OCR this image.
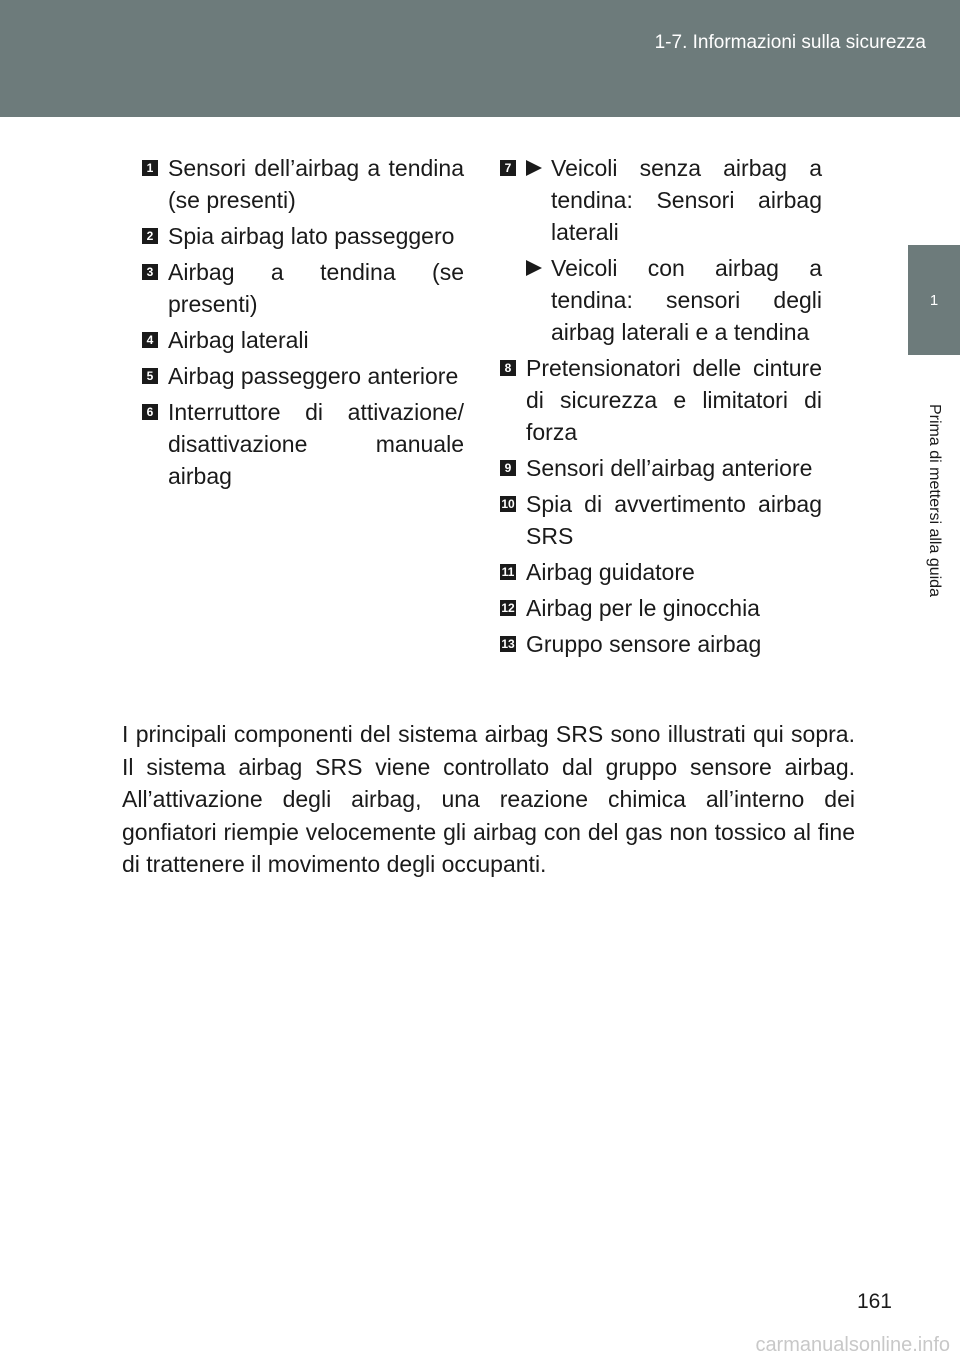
1-7. Informazioni sulla sicurezza
1
Prima di mettersi alla guida
1 Sensori dell’airbag a tendina (se presenti)
2 Spia airbag lato passeggero
3 Airbag a tendina (se presenti)
4 Airbag laterali
5 Airbag passeggero anteriore
6 Interruttore di attivazione/ disattivazione manuale airbag
7 Veicoli senza airbag a tendina: Sensori airbag laterali
Veicoli con airbag a tendina: sensori degli airbag laterali e a tendina
8 Pretensionatori delle cinture di sicurezza e limitatori di forza
9 Sensori dell’airbag anteriore
10 Spia di avvertimento airbag SRS
11 Airbag guidatore
12 Airbag per le ginocchia
13 Gruppo sensore airbag

I principali componenti del sistema airbag SRS sono illustrati qui sopra. Il sistema airbag SRS viene controllato dal gruppo sensore airbag. All’attivazione degli airbag, una reazione chimica all’interno dei gonfiatori riempie velocemente gli airbag con del gas non tossico al fine di trattenere il movimento degli occupanti.

161
carmanualsonline.info
